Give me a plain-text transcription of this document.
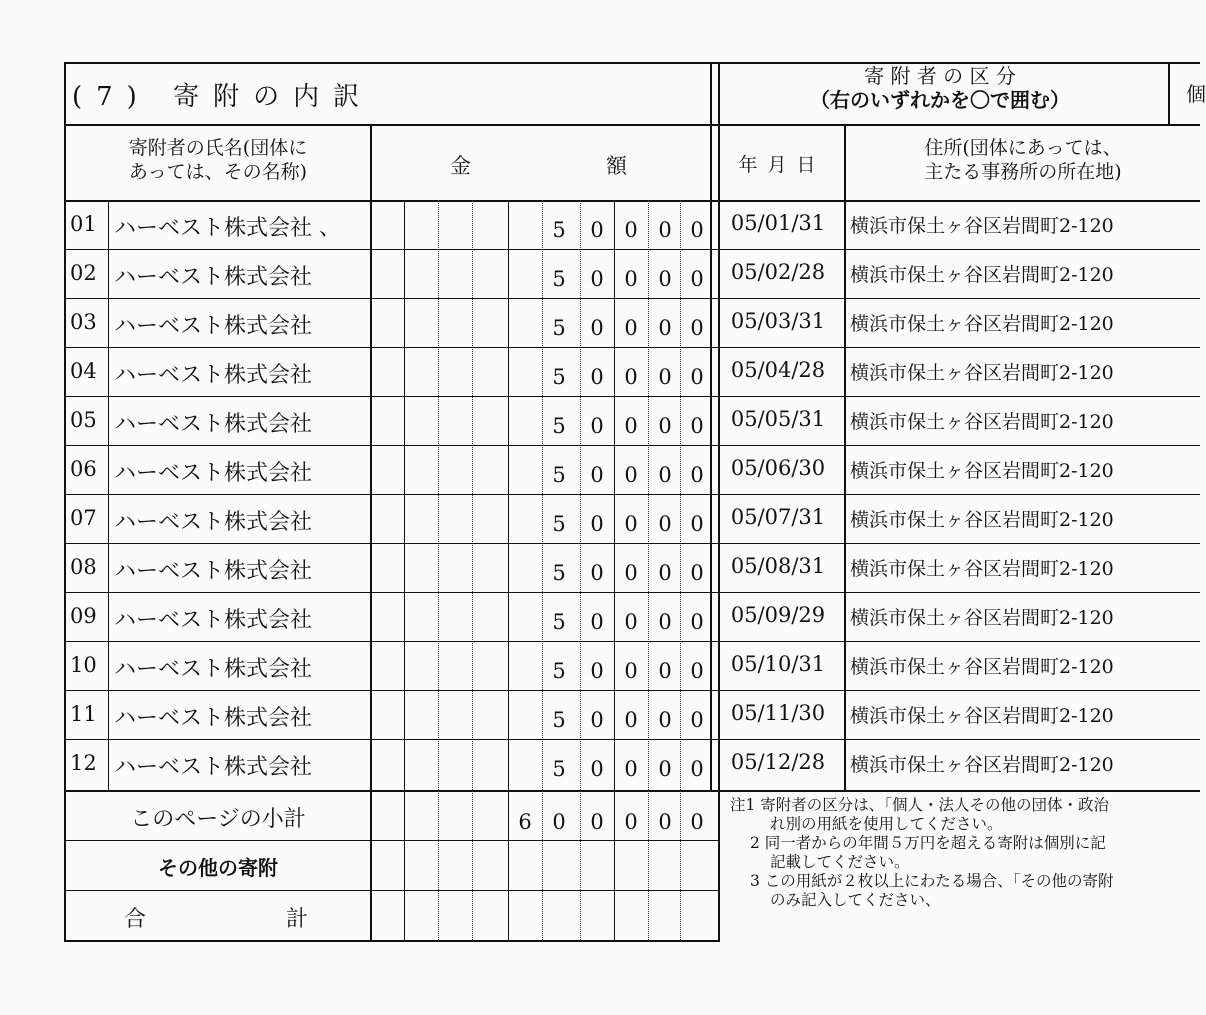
(7) 寄附の内訳
寄 附 者 の 区 分
（右のいずれかを〇で囲む）	個
寄附者の氏名(団体に
あっては、その名称)	金	額	年 月 日
住所(団体にあっては、
主たる事務所の所在地)
01 ハーベスト株式会社 、	5	0 0 0 0	05/01/31	横浜市保土ヶ谷区岩間町2-120
02 ハーベスト株式会社	5	0 0 0 0	05/02/28	横浜市保土ヶ谷区岩間町2-120
03 ハーベスト株式会社	5	0 0 0 0	05/03/31	横浜市保土ヶ谷区岩間町2-120
04 ハーベスト株式会社	5	0 0 0 0	05/04/28	横浜市保土ヶ谷区岩間町2-120
05 ハーベスト株式会社	5	0 0 0 0	05/05/31	横浜市保土ヶ谷区岩間町2-120
06 ハーベスト株式会社	5	0 0 0 0	05/06/30	横浜市保土ヶ谷区岩間町2-120
07 ハーベスト株式会社	5	0 0 0 0	05/07/31	横浜市保土ヶ谷区岩間町2-120
08 ハーベスト株式会社	5	0 0 0 0	05/08/31	横浜市保土ヶ谷区岩間町2-120
09 ハーベスト株式会社	5	0 0 0 0	05/09/29	横浜市保土ヶ谷区岩間町2-120
10 ハーベスト株式会社	5	0 0 0 0	05/10/31	横浜市保土ヶ谷区岩間町2-120
11 ハーベスト株式会社	5	0 0 0 0	05/11/30	横浜市保土ヶ谷区岩間町2-120
12 ハーベスト株式会社	5	0 0 0 0	05/12/28	横浜市保土ヶ谷区岩間町2-120
このページの小計	6 0	0 0 0 0
その他の寄附
合	計
注1 寄附者の区分は、「個人・法人その他の団体・政治
れ別の用紙を使用してください。
2 同一者からの年間５万円を超える寄附は個別に記
記載してください。
3 この用紙が２枚以上にわたる場合、「その他の寄附
のみ記入してください、
